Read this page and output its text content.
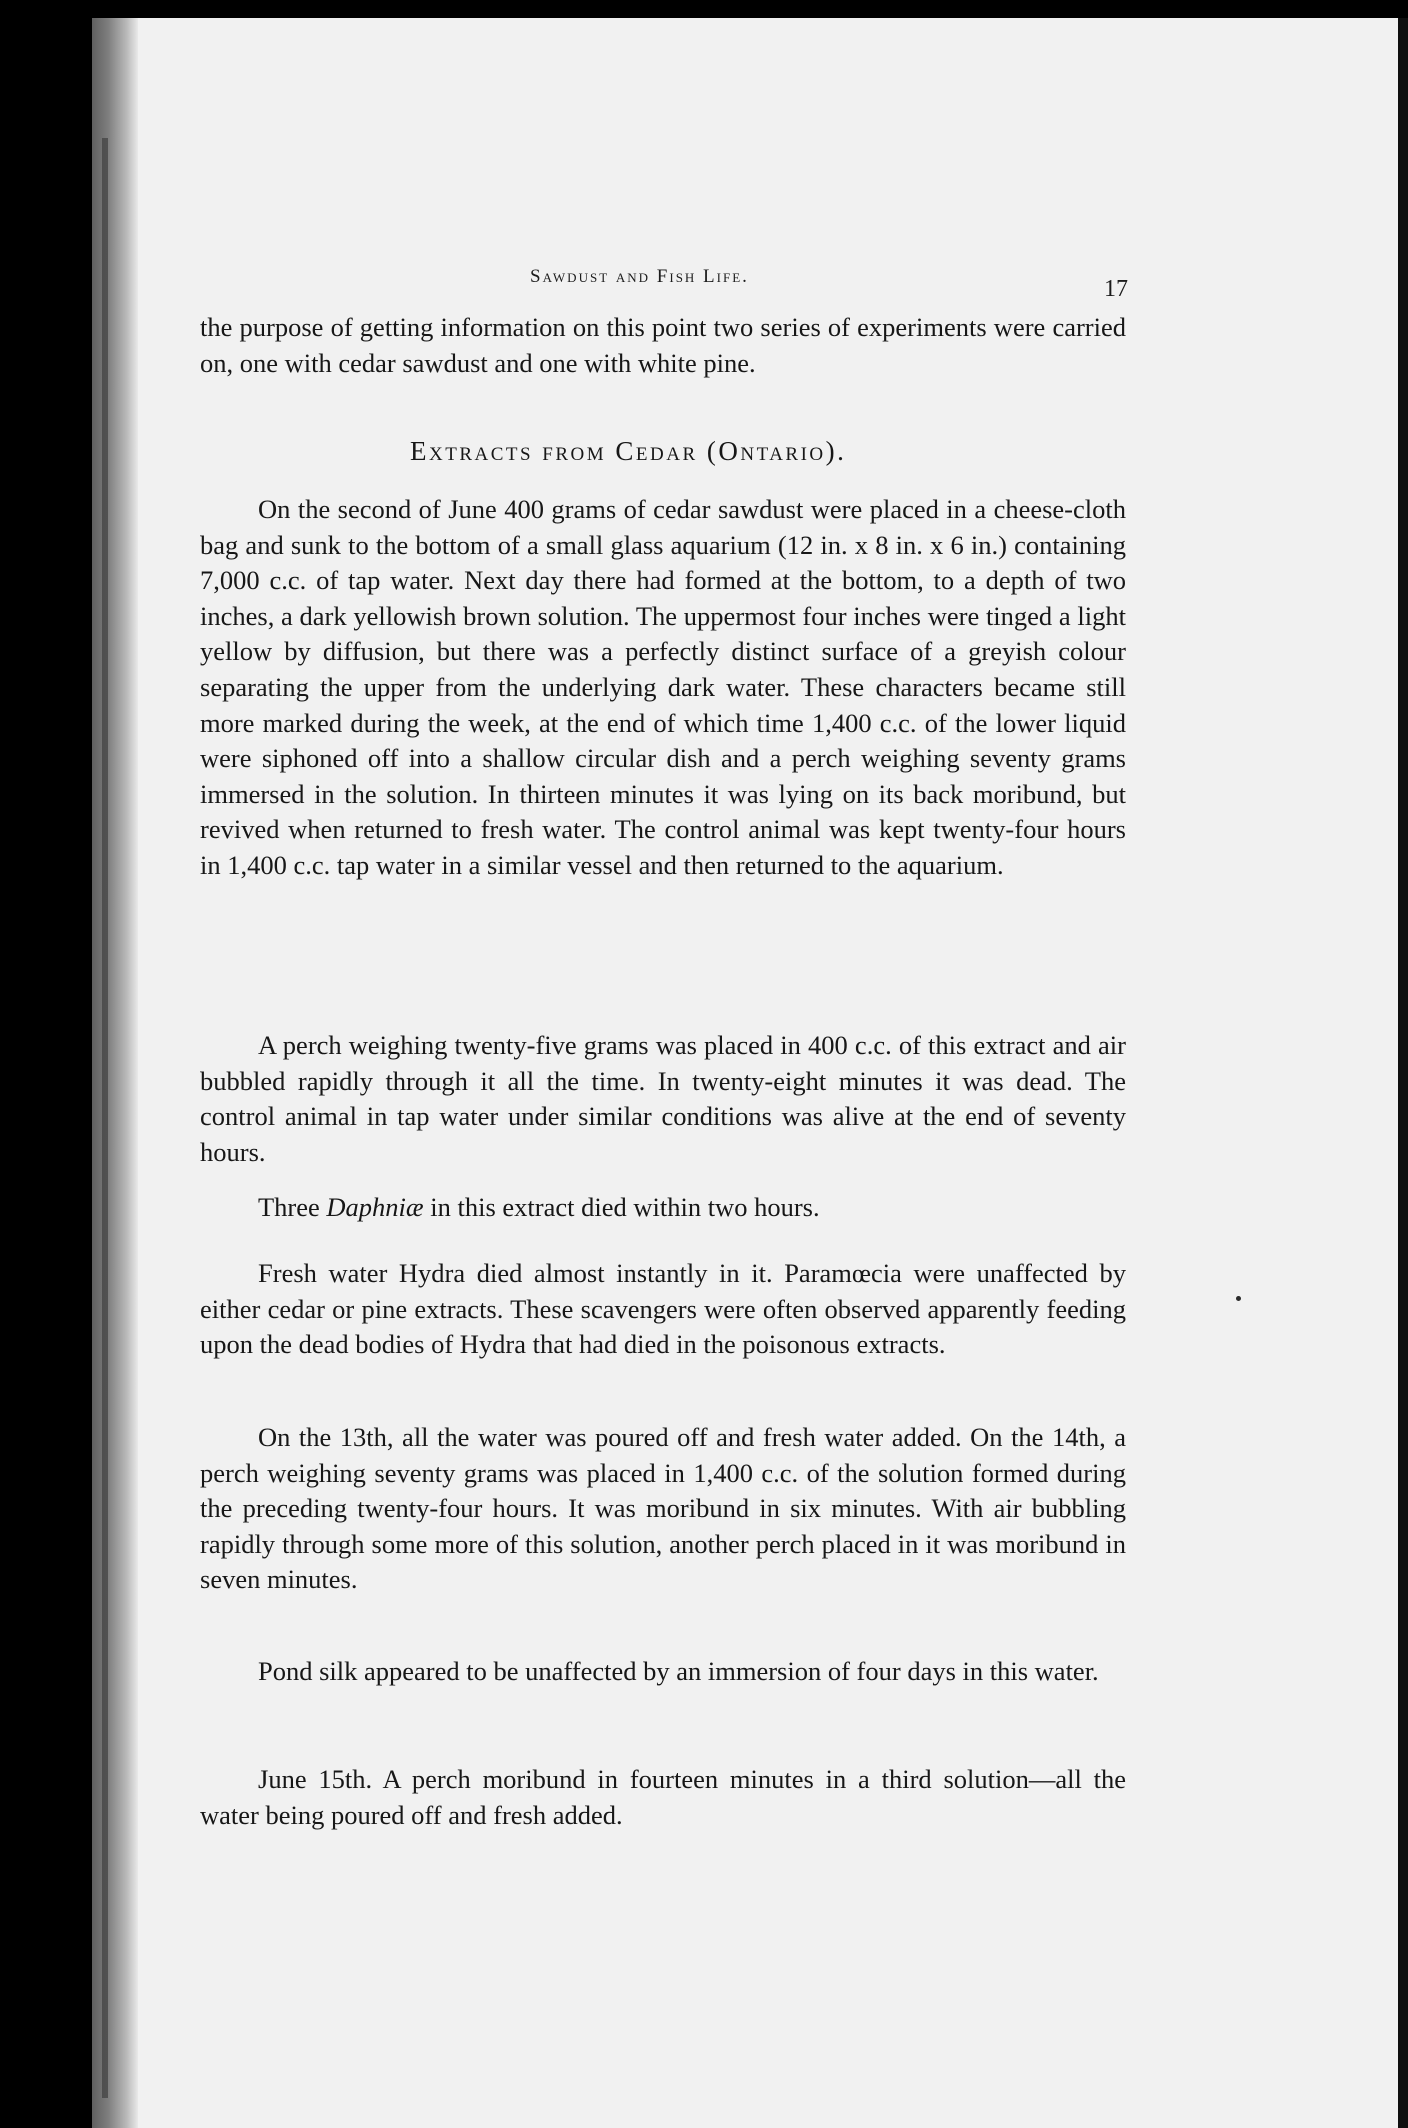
Sawdust and Fish Life.	17

the purpose of getting information on this point two series of experiments were carried on, one with cedar sawdust and one with white pine.

Extracts from Cedar (Ontario).

On the second of June 400 grams of cedar sawdust were placed in a cheese-cloth bag and sunk to the bottom of a small glass aquarium (12 in. x 8 in. x 6 in.) containing 7,000 c.c. of tap water. Next day there had formed at the bottom, to a depth of two inches, a dark yellowish brown solution. The uppermost four inches were tinged a light yellow by diffusion, but there was a perfectly distinct surface of a greyish colour separating the upper from the underlying dark water. These characters became still more marked during the week, at the end of which time 1,400 c.c. of the lower liquid were siphoned off into a shallow circular dish and a perch weighing seventy grams immersed in the solution. In thirteen minutes it was lying on its back moribund, but revived when returned to fresh water. The control animal was kept twenty-four hours in 1,400 c.c. tap water in a similar vessel and then returned to the aquarium.

A perch weighing twenty-five grams was placed in 400 c.c. of this extract and air bubbled rapidly through it all the time. In twenty-eight minutes it was dead. The control animal in tap water under similar conditions was alive at the end of seventy hours.

Three Daphniæ in this extract died within two hours.

Fresh water Hydra died almost instantly in it. Paramœcia were unaffected by either cedar or pine extracts. These scavengers were often observed apparently feeding upon the dead bodies of Hydra that had died in the poisonous extracts.

On the 13th, all the water was poured off and fresh water added. On the 14th, a perch weighing seventy grams was placed in 1,400 c.c. of the solution formed during the preceding twenty-four hours. It was moribund in six minutes. With air bubbling rapidly through some more of this solution, another perch placed in it was moribund in seven minutes.

Pond silk appeared to be unaffected by an immersion of four days in this water.

June 15th. A perch moribund in fourteen minutes in a third solution—all the water being poured off and fresh added.
